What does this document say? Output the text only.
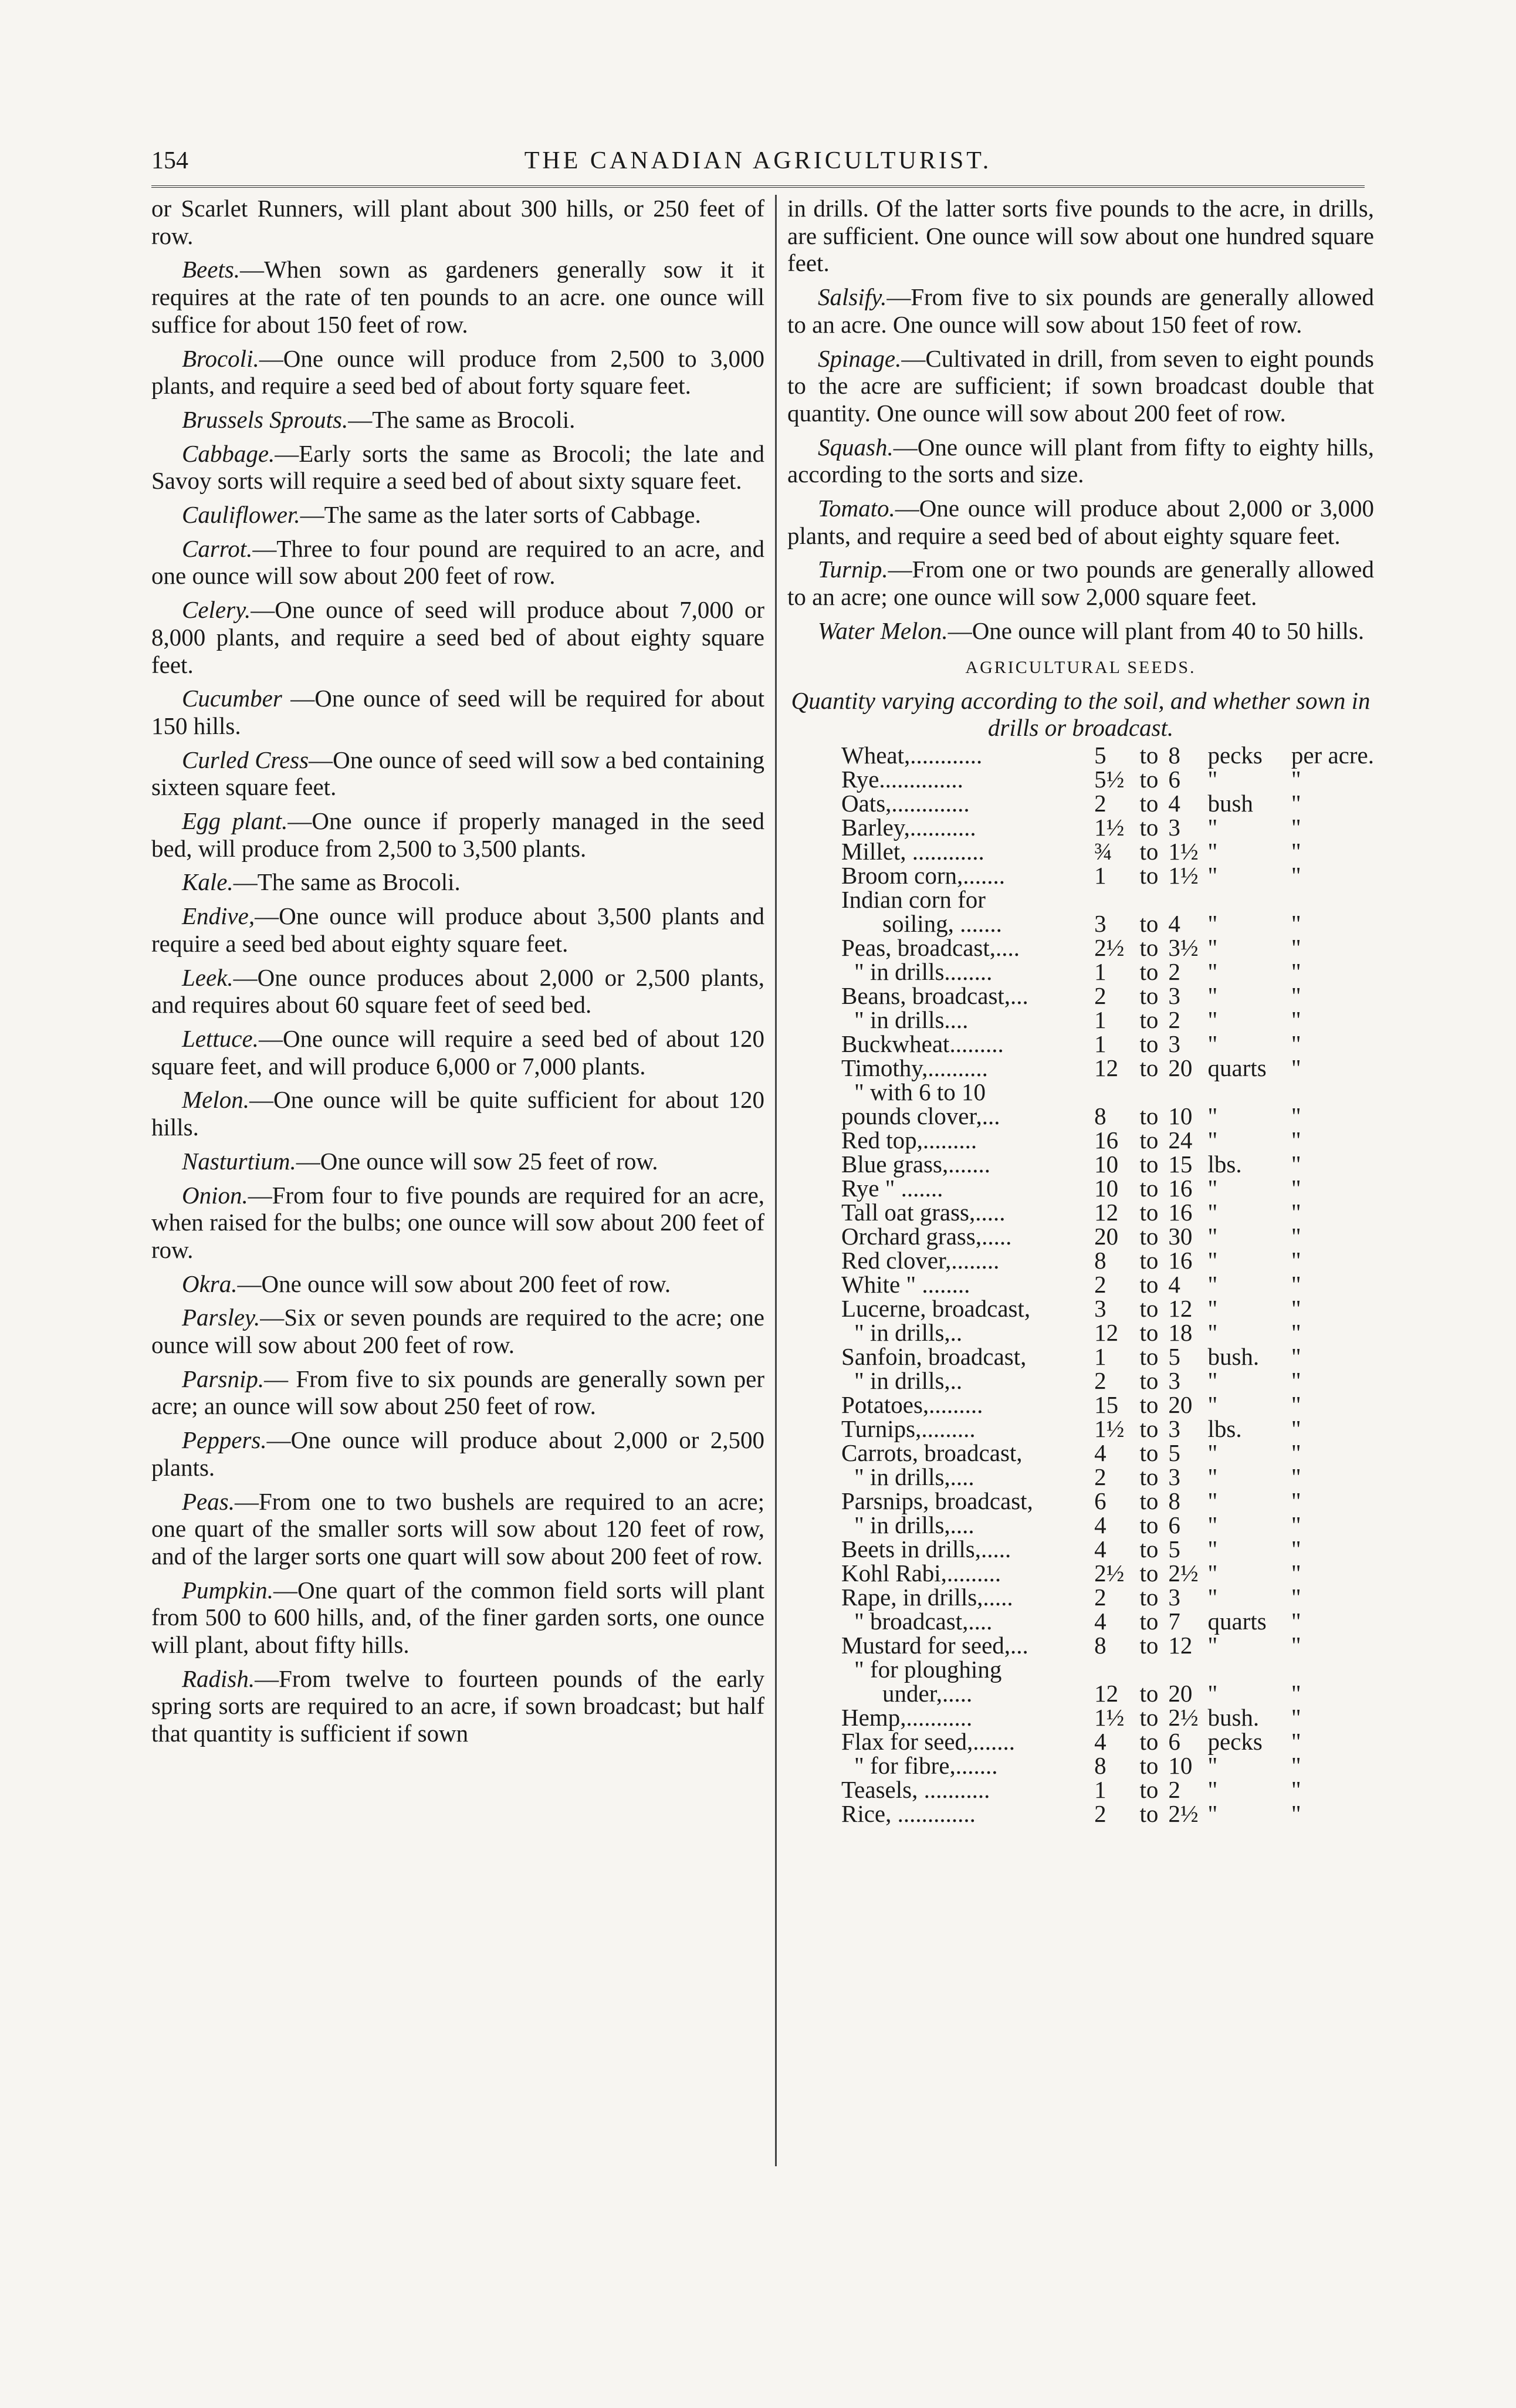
154	THE CANADIAN AGRICULTURIST.

or Scarlet Runners, will plant about 300 hills, or 250 feet of row.

Beets.—When sown as gardeners generally sow it it requires at the rate of ten pounds to an acre. one ounce will suffice for about 150 feet of row.

Brocoli.—One ounce will produce from 2,500 to 3,000 plants, and require a seed bed of about forty square feet.

Brussels Sprouts.—The same as Brocoli.

Cabbage.—Early sorts the same as Brocoli; the late and Savoy sorts will require a seed bed of about sixty square feet.

Cauliflower.—The same as the later sorts of Cabbage.

Carrot.—Three to four pound are required to an acre, and one ounce will sow about 200 feet of row.

Celery.—One ounce of seed will produce about 7,000 or 8,000 plants, and require a seed bed of about eighty square feet.

Cucumber —One ounce of seed will be required for about 150 hills.

Curled Cress—One ounce of seed will sow a bed containing sixteen square feet.

Egg plant.—One ounce if properly managed in the seed bed, will produce from 2,500 to 3,500 plants.

Kale.—The same as Brocoli.

Endive,—One ounce will produce about 3,500 plants and require a seed bed about eighty square feet.

Leek.—One ounce produces about 2,000 or 2,500 plants, and requires about 60 square feet of seed bed.

Lettuce.—One ounce will require a seed bed of about 120 square feet, and will produce 6,000 or 7,000 plants.

Melon.—One ounce will be quite sufficient for about 120 hills.

Nasturtium.—One ounce will sow 25 feet of row.

Onion.—From four to five pounds are required for an acre, when raised for the bulbs; one ounce will sow about 200 feet of row.

Okra.—One ounce will sow about 200 feet of row.

Parsley.—Six or seven pounds are required to the acre; one ounce will sow about 200 feet of row.

Parsnip.— From five to six pounds are generally sown per acre; an ounce will sow about 250 feet of row.

Peppers.—One ounce will produce about 2,000 or 2,500 plants.

Peas.—From one to two bushels are required to an acre; one quart of the smaller sorts will sow about 120 feet of row, and of the larger sorts one quart will sow about 200 feet of row.

Pumpkin.—One quart of the common field sorts will plant from 500 to 600 hills, and, of the finer garden sorts, one ounce will plant, about fifty hills.

Radish.—From twelve to fourteen pounds of the early spring sorts are required to an acre, if sown broadcast; but half that quantity is sufficient if sown

in drills. Of the latter sorts five pounds to the acre, in drills, are sufficient. One ounce will sow about one hundred square feet.

Salsify.—From five to six pounds are generally allowed to an acre. One ounce will sow about 150 feet of row.

Spinage.—Cultivated in drill, from seven to eight pounds to the acre are sufficient; if sown broadcast double that quantity. One ounce will sow about 200 feet of row.

Squash.—One ounce will plant from fifty to eighty hills, according to the sorts and size.

Tomato.—One ounce will produce about 2,000 or 3,000 plants, and require a seed bed of about eighty square feet.

Turnip.—From one or two pounds are generally allowed to an acre; one ounce will sow 2,000 square feet.

Water Melon.—One ounce will plant from 40 to 50 hills.

AGRICULTURAL SEEDS.
Quantity varying according to the soil, and whether sown in drills or broadcast.
Wheat,............	5	to	8	pecks	per acre.
Rye..............	5½	to	6	"	"
Oats,.............	2	to	4	bush	"
Barley,...........	1½	to	3	"	"
Millet, ............	¾	to	1½	"	"
Broom corn,.......	1	to	1½	"	"
Indian corn for					
soiling, .......	3	to	4	"	"
Peas, broadcast,....	2½	to	3½	"	"
" in drills........	1	to	2	"	"
Beans, broadcast,...	2	to	3	"	"
" in drills....	1	to	2	"	"
Buckwheat.........	1	to	3	"	"
Timothy,..........	12	to	20	quarts	"
" with 6 to 10					
pounds clover,...	8	to	10	"	"
Red top,.........	16	to	24	"	"
Blue grass,.......	10	to	15	lbs.	"
Rye " .......	10	to	16	"	"
Tall oat grass,.....	12	to	16	"	"
Orchard grass,.....	20	to	30	"	"
Red clover,........	8	to	16	"	"
White " ........	2	to	4	"	"
Lucerne, broadcast,	3	to	12	"	"
" in drills,..	12	to	18	"	"
Sanfoin, broadcast,	1	to	5	bush.	"
" in drills,..	2	to	3	"	"
Potatoes,.........	15	to	20	"	"
Turnips,.........	1½	to	3	lbs.	"
Carrots, broadcast,	4	to	5	"	"
" in drills,....	2	to	3	"	"
Parsnips, broadcast,	6	to	8	"	"
" in drills,....	4	to	6	"	"
Beets in drills,.....	4	to	5	"	"
Kohl Rabi,.........	2½	to	2½	"	"
Rape, in drills,.....	2	to	3	"	"
" broadcast,....	4	to	7	quarts	"
Mustard for seed,...	8	to	12	"	"
" for ploughing					
under,.....	12	to	20	"	"
Hemp,...........	1½	to	2½	bush.	"
Flax for seed,.......	4	to	6	pecks	"
" for fibre,.......	8	to	10	"	"
Teasels, ...........	1	to	2	"	"
Rice, .............	2	to	2½	"	"
